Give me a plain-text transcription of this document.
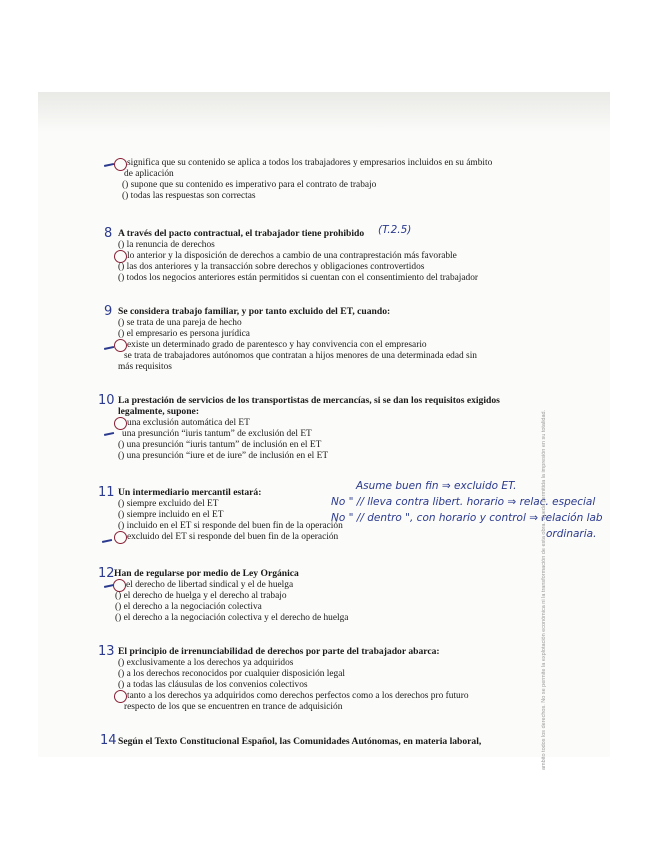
significa que su contenido se aplica a todos los trabajadores y empresarios incluidos en su ámbito
de aplicación
() supone que su contenido es imperativo para el contrato de trabajo
() todas las respuestas son correctas
8 A través del pacto contractual, el trabajador tiene prohibido	(T.2.5)
() la renuncia de derechos
lo anterior y la disposición de derechos a cambio de una contraprestación más favorable
() las dos anteriores y la transacción sobre derechos y obligaciones controvertidos
() todos los negocios anteriores están permitidos si cuentan con el consentimiento del trabajador
9 Se considera trabajo familiar, y por tanto excluido del ET, cuando:
() se trata de una pareja de hecho
() el empresario es persona jurídica
existe un determinado grado de parentesco y hay convivencia con el empresario
se trata de trabajadores autónomos que contratan a hijos menores de una determinada edad sin
más requisitos
10 La prestación de servicios de los transportistas de mercancías, si se dan los requisitos exigidos
legalmente, supone:
una exclusión automática del ET
una presunción “iuris tantum” de exclusión del ET
() una presunción “iuris tantum” de inclusión en el ET
() una presunción “iure et de iure” de inclusión en el ET
11 Un intermediario mercantil estará:
() siempre excluido del ET
() siempre incluido en el ET
() incluido en el ET si responde del buen fin de la operación
excluido del ET si responde del buen fin de la operación
Asume buen fin ⇒ excluido ET.
No " // lleva contra libert. horario ⇒ relac. especial
No " // dentro ", con horario y control ⇒ relación lab
ordinaria.
12 Han de regularse por medio de Ley Orgánica
el derecho de libertad sindical y el de huelga
() el derecho de huelga y el derecho al trabajo
() el derecho a la negociación colectiva
() el derecho a la negociación colectiva y el derecho de huelga
13 El principio de irrenunciabilidad de derechos por parte del trabajador abarca:
() exclusivamente a los derechos ya adquiridos
() a los derechos reconocidos por cualquier disposición legal
() a todas las cláusulas de los convenios colectivos
tanto a los derechos ya adquiridos como derechos perfectos como a los derechos pro futuro
respecto de los que se encuentren en trance de adquisición
14 Según el Texto Constitucional Español, las Comunidades Autónomas, en materia laboral,	ambito todos los derechos. No se permite la explotación económica ni la transformación de esta obra. Queda permitida la impresión en su totalidad.
